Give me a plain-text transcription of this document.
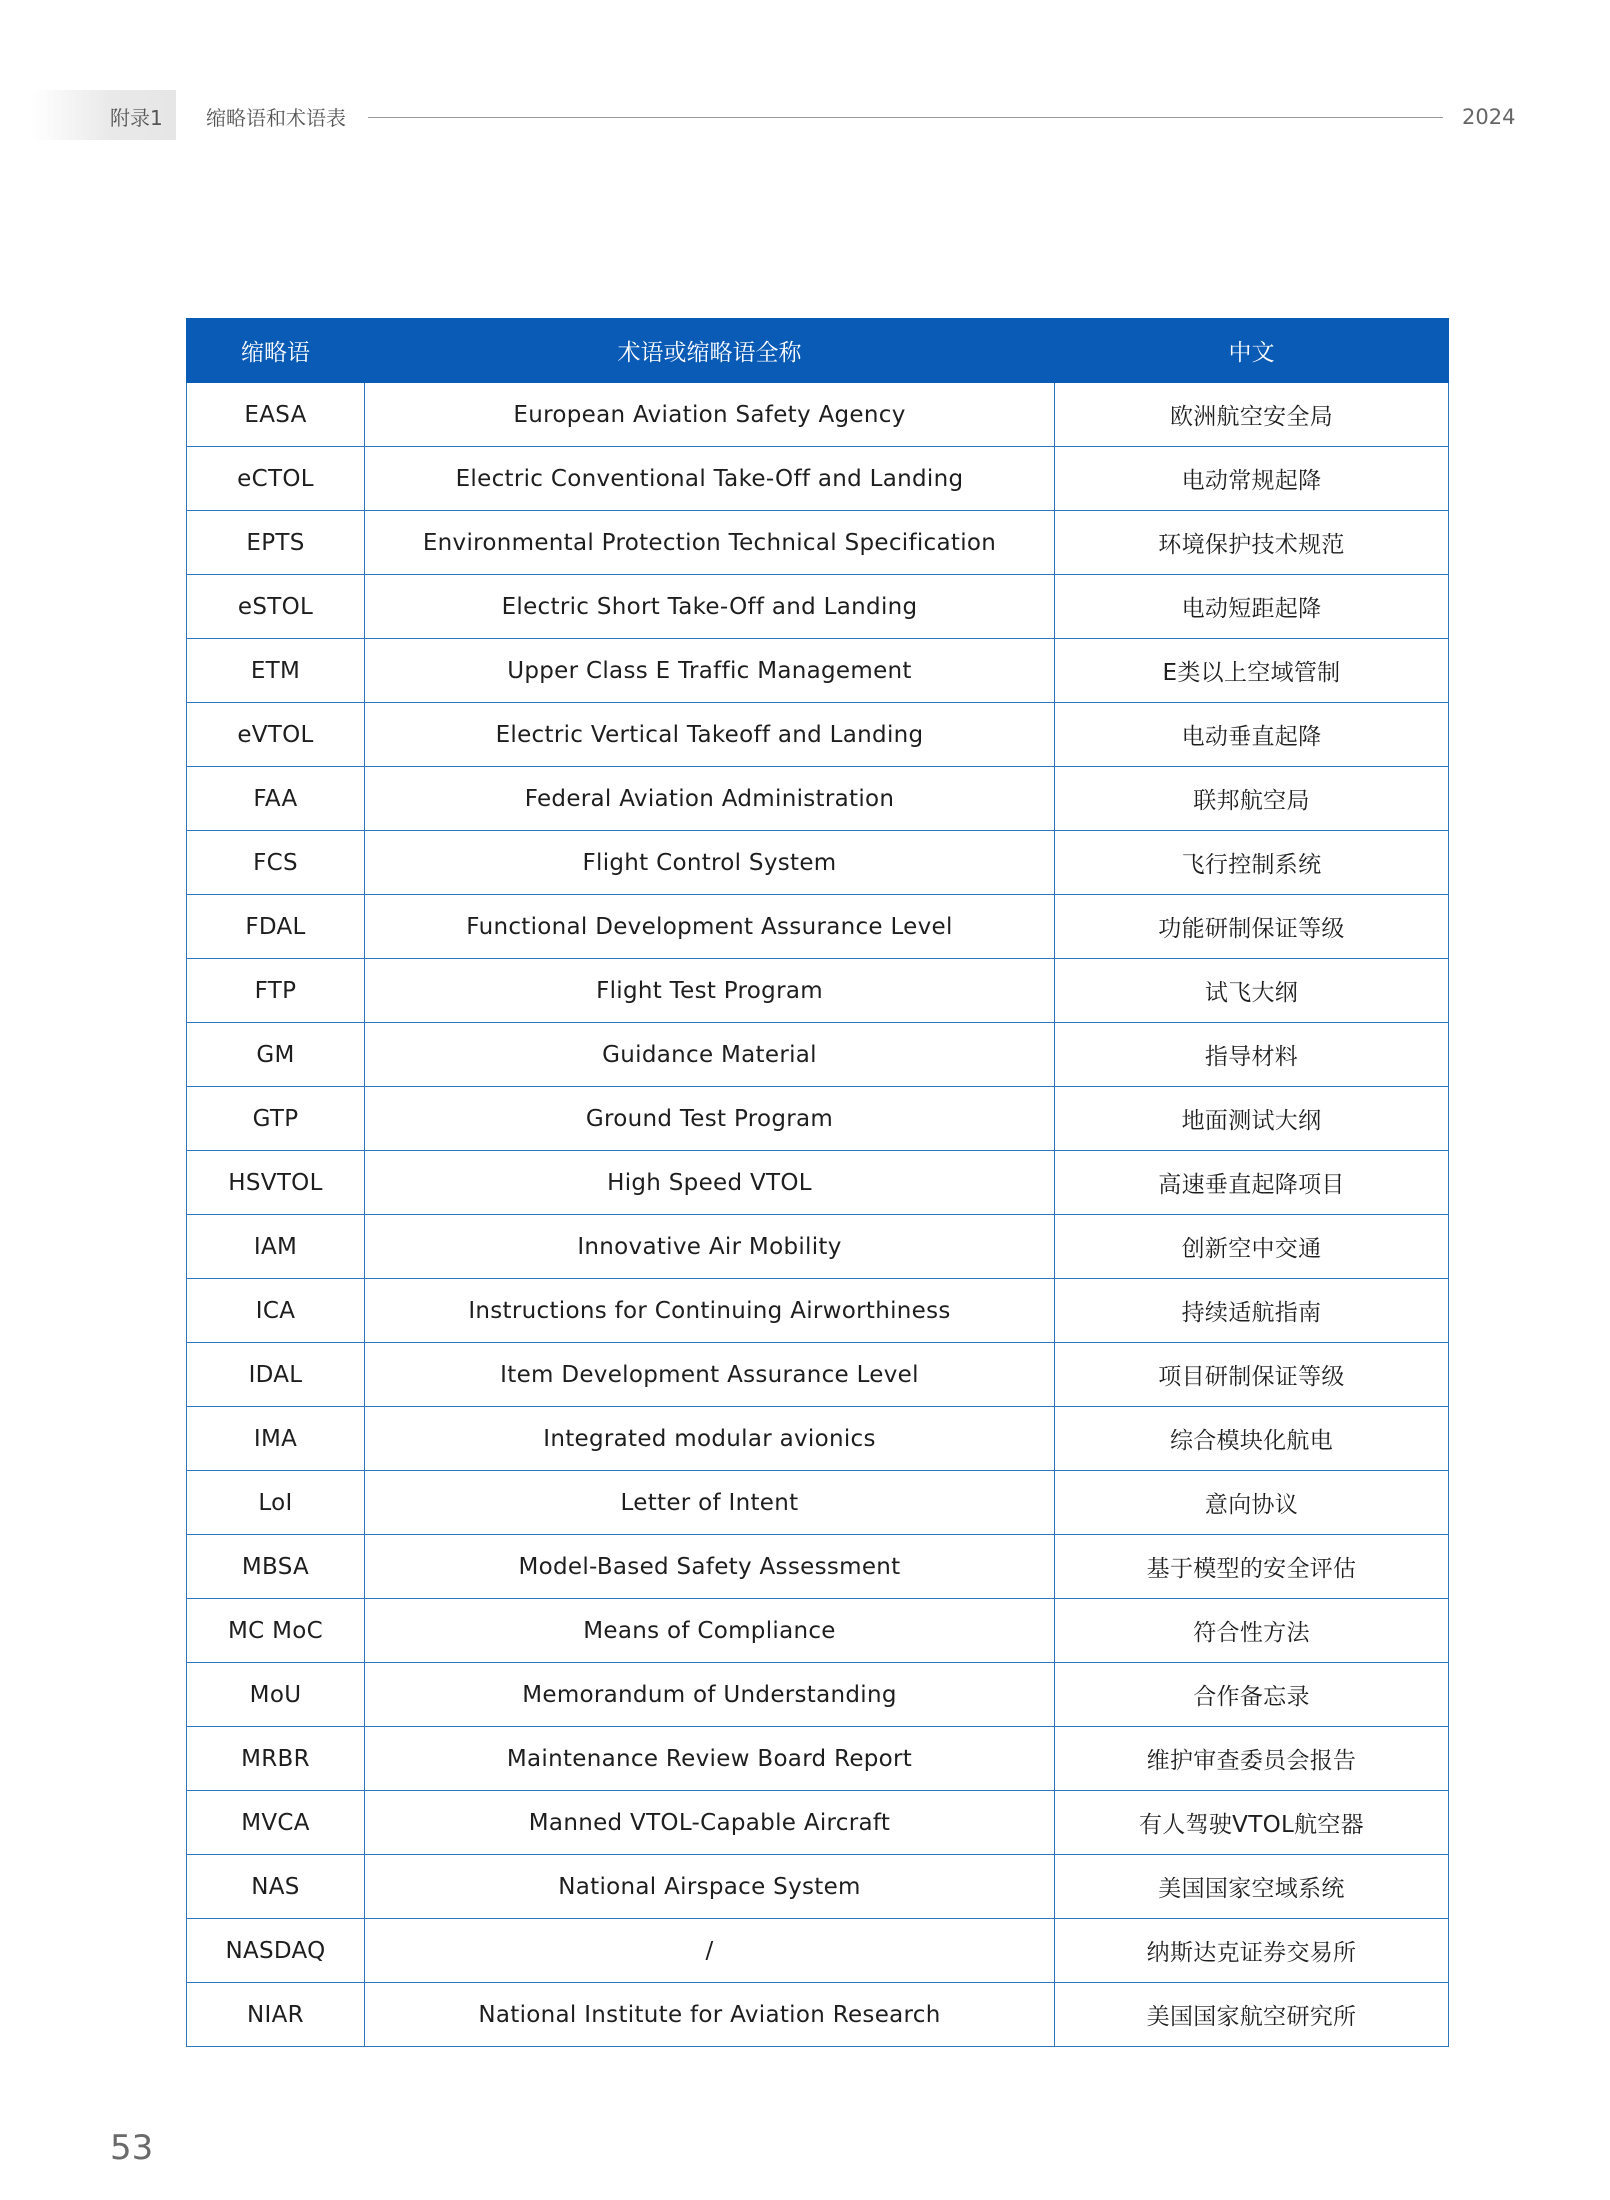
附录1 缩略语和术语表	2024
缩略语	术语或缩略语全称	中文
EASA	European Aviation Safety Agency	欧洲航空安全局
eCTOL	Electric Conventional Take-Off and Landing	电动常规起降
EPTS	Environmental Protection Technical Specification	环境保护技术规范
eSTOL	Electric Short Take-Off and Landing	电动短距起降
ETM	Upper Class E Traffic Management	E类以上空域管制
eVTOL	Electric Vertical Takeoff and Landing	电动垂直起降
FAA	Federal Aviation Administration	联邦航空局
FCS	Flight Control System	飞行控制系统
FDAL	Functional Development Assurance Level	功能研制保证等级
FTP	Flight Test Program	试飞大纲
GM	Guidance Material	指导材料
GTP	Ground Test Program	地面测试大纲
HSVTOL	High Speed VTOL	高速垂直起降项目
IAM	Innovative Air Mobility	创新空中交通
ICA	Instructions for Continuing Airworthiness	持续适航指南
IDAL	Item Development Assurance Level	项目研制保证等级
IMA	Integrated modular avionics	综合模块化航电
LoI	Letter of Intent	意向协议
MBSA	Model-Based Safety Assessment	基于模型的安全评估
MC MoC	Means of Compliance	符合性方法
MoU	Memorandum of Understanding	合作备忘录
MRBR	Maintenance Review Board Report	维护审查委员会报告
MVCA	Manned VTOL-Capable Aircraft	有人驾驶VTOL航空器
NAS	National Airspace System	美国国家空域系统
NASDAQ	/	纳斯达克证券交易所
NIAR	National Institute for Aviation Research	美国国家航空研究所
53
